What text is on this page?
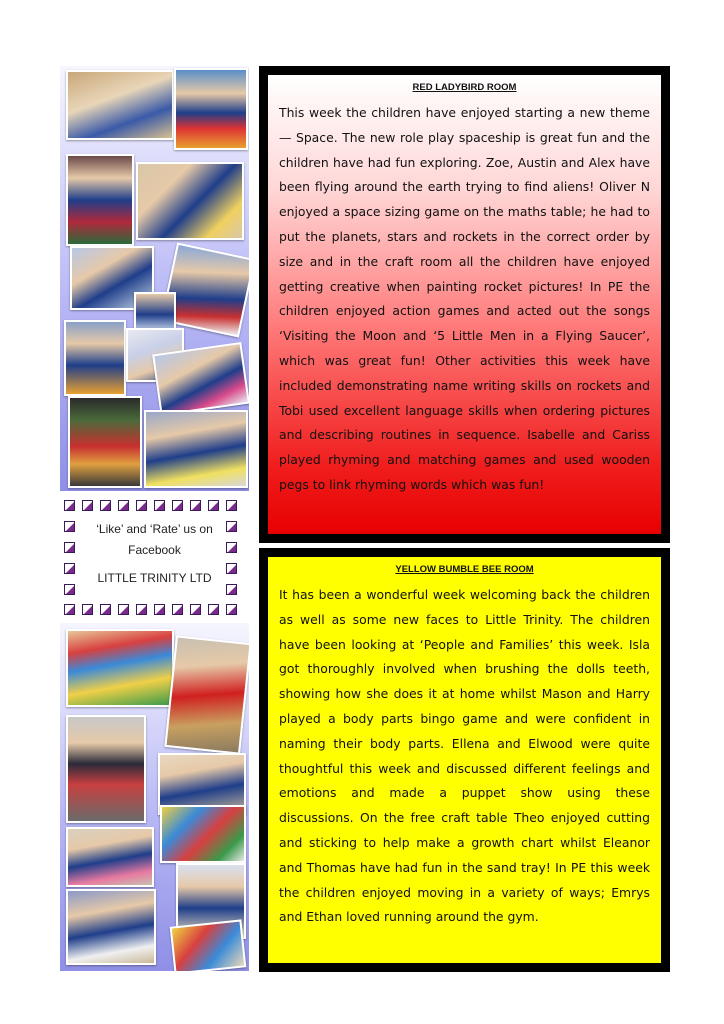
‘Like’ and ‘Rate’ us on
Facebook
LITTLE TRINITY LTD
RED LADYBIRD ROOM
This week the children have enjoyed starting a new theme— Space. The new role play spaceship is great fun and the children have had fun exploring. Zoe, Austin and Alex have been flying around the earth trying to find aliens! Oliver N enjoyed a space sizing game on the maths table; he had to put the planets, stars and rockets in the correct order by size and in the craft room all the children have enjoyed getting creative when painting rocket pictures! In PE the children enjoyed action games and acted out the songs ‘Visiting the Moon and ‘5 Little Men in a Flying Saucer’, which was great fun! Other activities this week have included demonstrating name writing skills on rockets and Tobi used excellent language skills when ordering pictures and describing routines in sequence. Isabelle and Cariss played rhyming and matching games and used wooden pegs to link rhyming words which was fun!
YELLOW BUMBLE BEE ROOM
It has been a wonderful week welcoming back the children as well as some new faces to Little Trinity. The children have been looking at ‘People and Families’ this week. Isla got thoroughly involved when brushing the dolls teeth, showing how she does it at home whilst Mason and Harry played a body parts bingo game and were confident in naming their body parts. Ellena and Elwood were quite thoughtful this week and discussed different feelings and emotions and made a puppet show using these discussions. On the free craft table Theo enjoyed cutting and sticking to help make a growth chart whilst Eleanor and Thomas have had fun in the sand tray! In PE this week the children enjoyed moving in a variety of ways; Emrys and Ethan loved running around the gym.
